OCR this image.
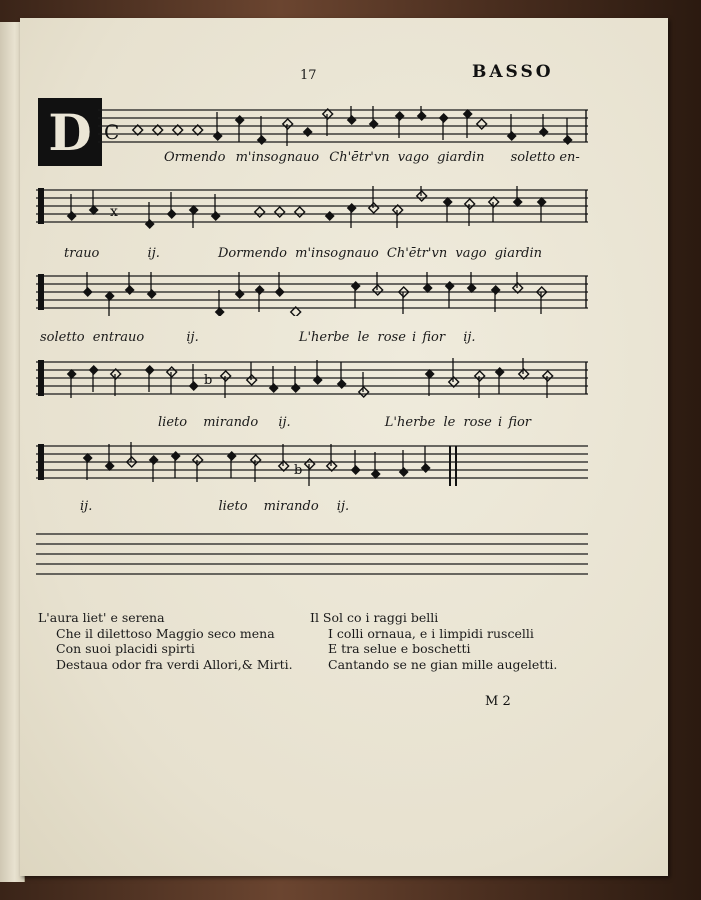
17	BASSO
D C
Ormendo m'insognauo Ch'ētr'vn vago giardin soletto en-
x
trauo	ij.	Dormendo m'insognauo Ch'ētr'vn vago giardin
soletto entrauo	ij.	L'herbe le rose i fior ij.
b
lieto mirando ij.	L'herbe le rose i fior
b
ij.	lieto mirando ij.
L'aura liet' e serena
Che il dilettoso Maggio seco mena
Con suoi placidi spirti
Destaua odor fra verdi Allori,& Mirti.
Il Sol co i raggi belli
I colli ornaua, e i limpidi ruscelli
E tra selue e boschetti
Cantando se ne gian mille augeletti.
M 2
